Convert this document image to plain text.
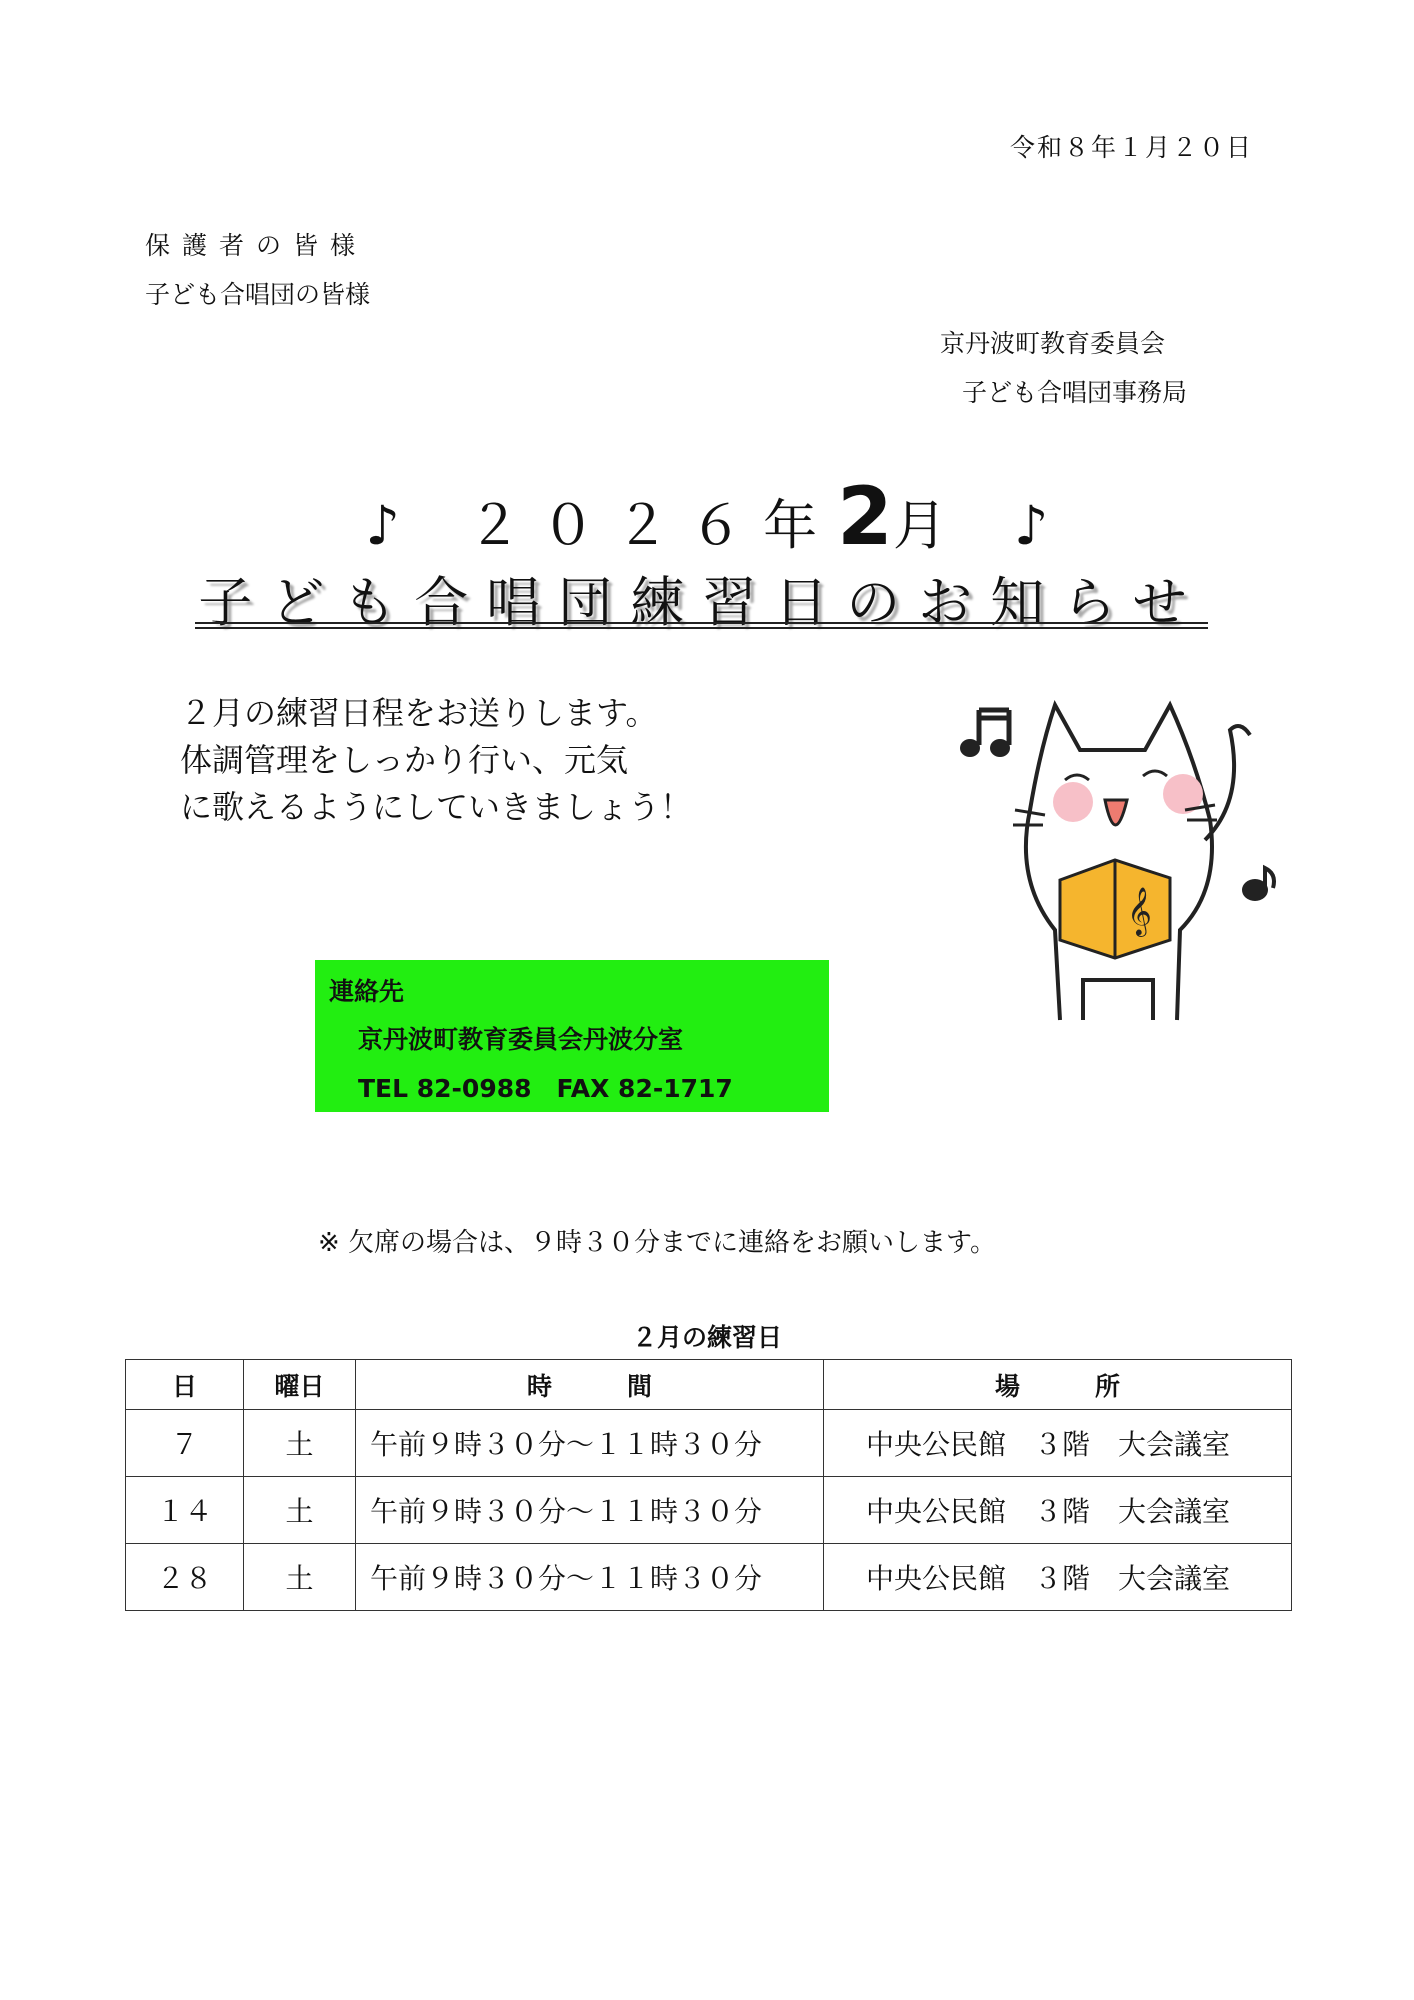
令和８年１月２０日
保護者の皆様
子ども合唱団の皆様
京丹波町教育委員会
子ども合唱団事務局
♪ ２０２６年2月 ♪
子ども合唱団練習日のお知らせ
２月の練習日程をお送りします。
体調管理をしっかり行い、元気
に歌えるようにしていきましょう！
𝄞
連絡先
京丹波町教育委員会丹波分室
TEL 82-0988　FAX 82-1717
※ 欠席の場合は、９時３０分までに連絡をお願いします。
２月の練習日
日	曜日	時　　　間	場　　　所
７	土	午前９時３０分～１１時３０分	中央公民館　３階　大会議室
１４	土	午前９時３０分～１１時３０分	中央公民館　３階　大会議室
２８	土	午前９時３０分～１１時３０分	中央公民館　３階　大会議室
